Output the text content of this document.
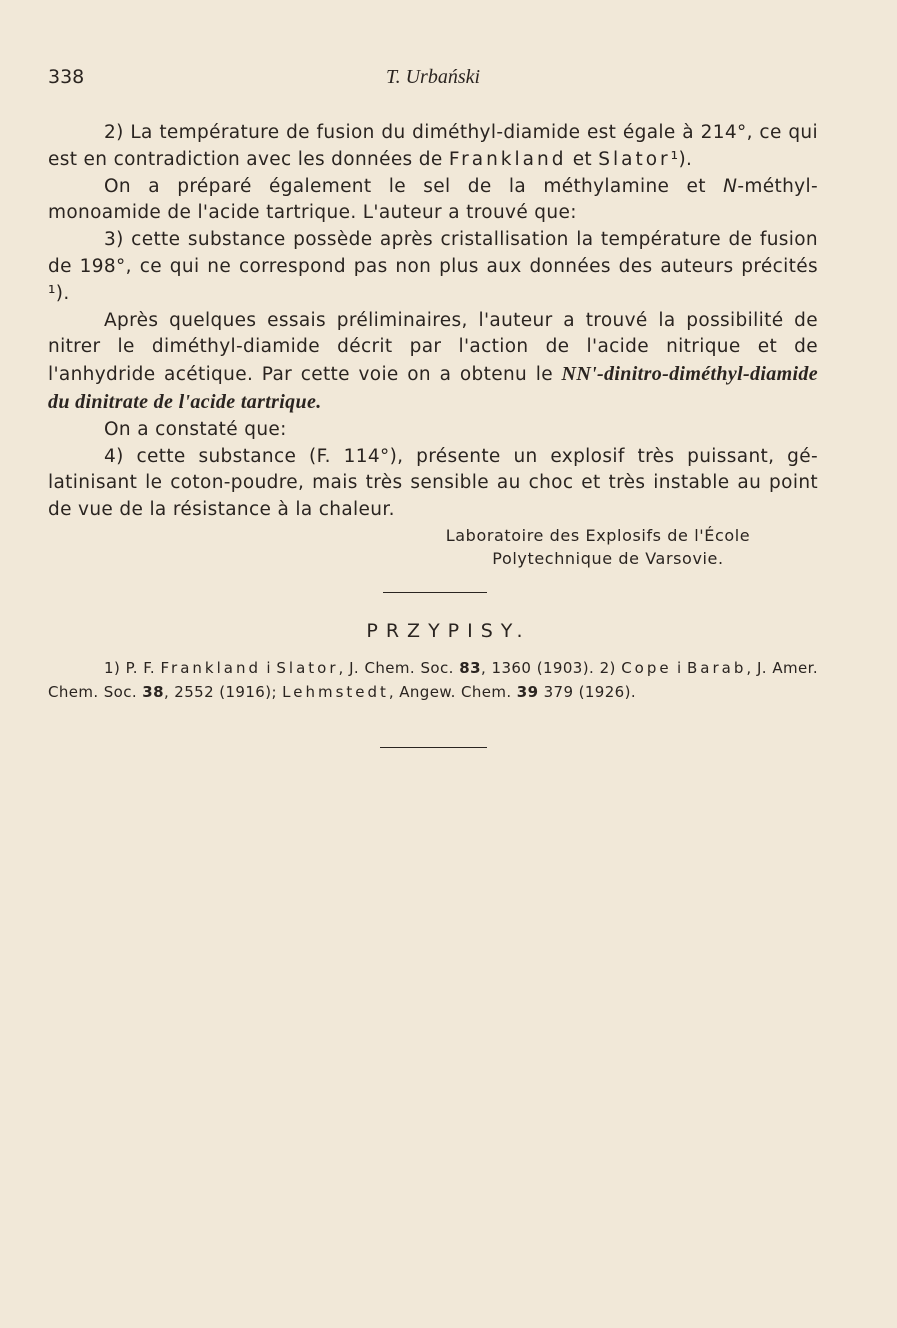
338	T. Urbański

2) La température de fusion du diméthyl-diamide est égale à 214°, ce qui est en contradiction avec les données de Frankland et Slator¹).

On a préparé également le sel de la méthylamine et N-méthyl-monoamide de l'acide tartrique. L'auteur a trouvé que:

3) cette substance possède après cristallisation la température de fusion de 198°, ce qui ne correspond pas non plus aux données des auteurs précités ¹).

Après quelques essais préliminaires, l'auteur a trouvé la possibilité de nitrer le diméthyl-diamide décrit par l'action de l'acide nitrique et de l'anhydride acétique. Par cette voie on a obtenu le NN'-dinitro-diméthyl-diamide du dinitrate de l'acide tartrique.

On a constaté que:

4) cette substance (F. 114°), présente un explosif très puissant, gé-latinisant le coton-poudre, mais très sensible au choc et très instable au point de vue de la résistance à la chaleur.

Laboratoire des Explosifs de l'École
Polytechnique de Varsovie.
PRZYPISY.

1) P. F. Frankland i Slator, J. Chem. Soc. 83, 1360 (1903). 2) Cope i Barab, J. Amer. Chem. Soc. 38, 2552 (1916); Lehmstedt, Angew. Chem. 39 379 (1926).
